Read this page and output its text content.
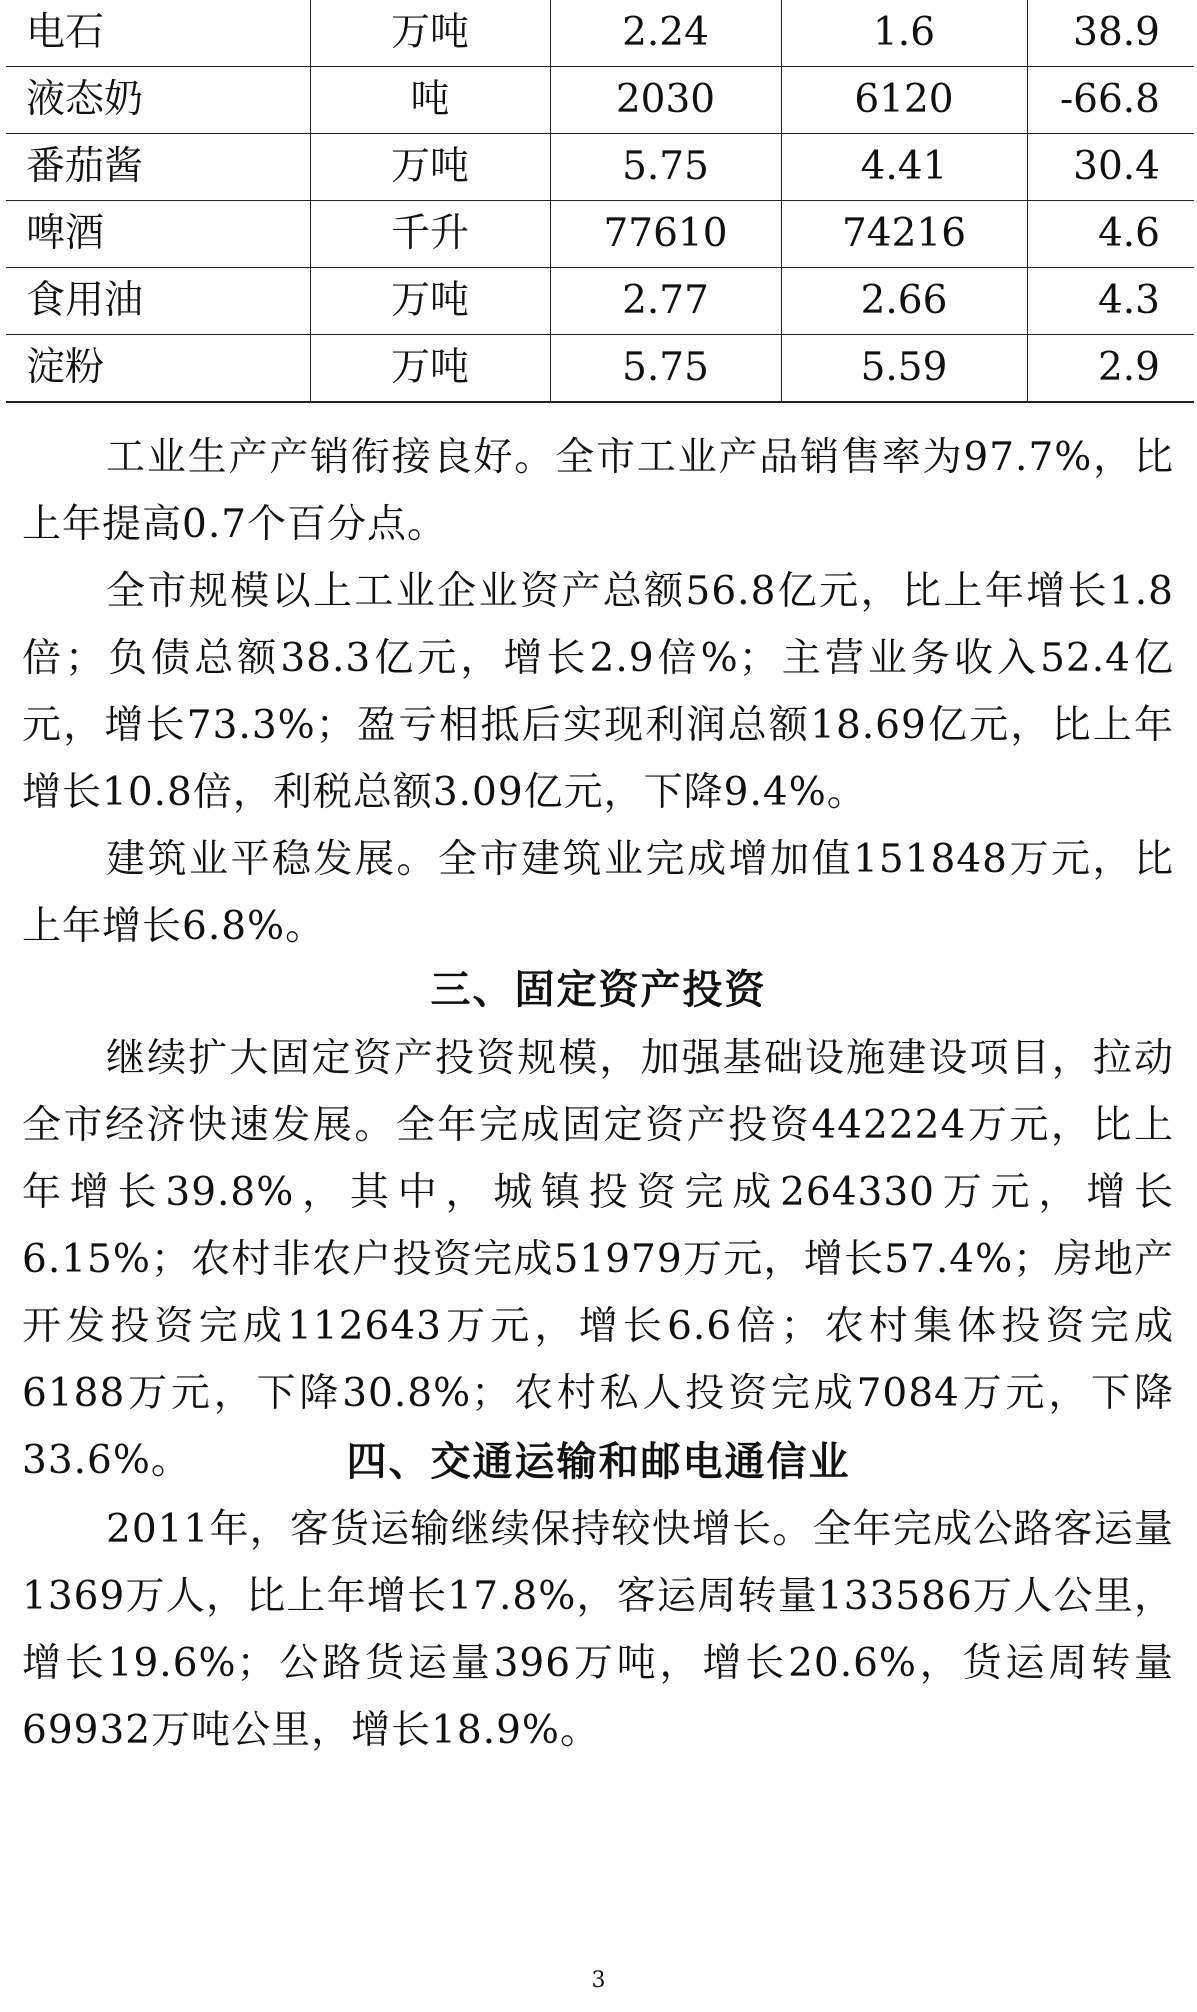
电石	万吨	2.24	1.6	38.9
液态奶	吨	2030	6120	-66.8
番茄酱	万吨	5.75	4.41	30.4
啤酒	千升	77610	74216	4.6
食用油	万吨	2.77	2.66	4.3
淀粉	万吨	5.75	5.59	2.9

工业生产产销衔接良好。全市工业产品销售率为97.7%，比上年提高0.7个百分点。

全市规模以上工业企业资产总额56.8亿元，比上年增长1.8倍；负债总额38.3亿元，增长2.9倍%；主营业务收入52.4亿元，增长73.3%；盈亏相抵后实现利润总额18.69亿元，比上年增长10.8倍，利税总额3.09亿元，下降9.4%。

建筑业平稳发展。全市建筑业完成增加值151848万元，比上年增长6.8%。

三、固定资产投资

继续扩大固定资产投资规模，加强基础设施建设项目，拉动全市经济快速发展。全年完成固定资产投资442224万元，比上年增长39.8%，其中，城镇投资完成264330万元，增长6.15%；农村非农户投资完成51979万元，增长57.4%；房地产开发投资完成112643万元，增长6.6倍；农村集体投资完成6188万元，下降30.8%；农村私人投资完成7084万元，下降33.6%。	四、交通运输和邮电通信业

2011年，客货运输继续保持较快增长。全年完成公路客运量1369万人，比上年增长17.8%，客运周转量133586万人公里，增长19.6%；公路货运量396万吨，增长20.6%，货运周转量69932万吨公里，增长18.9%。

3
